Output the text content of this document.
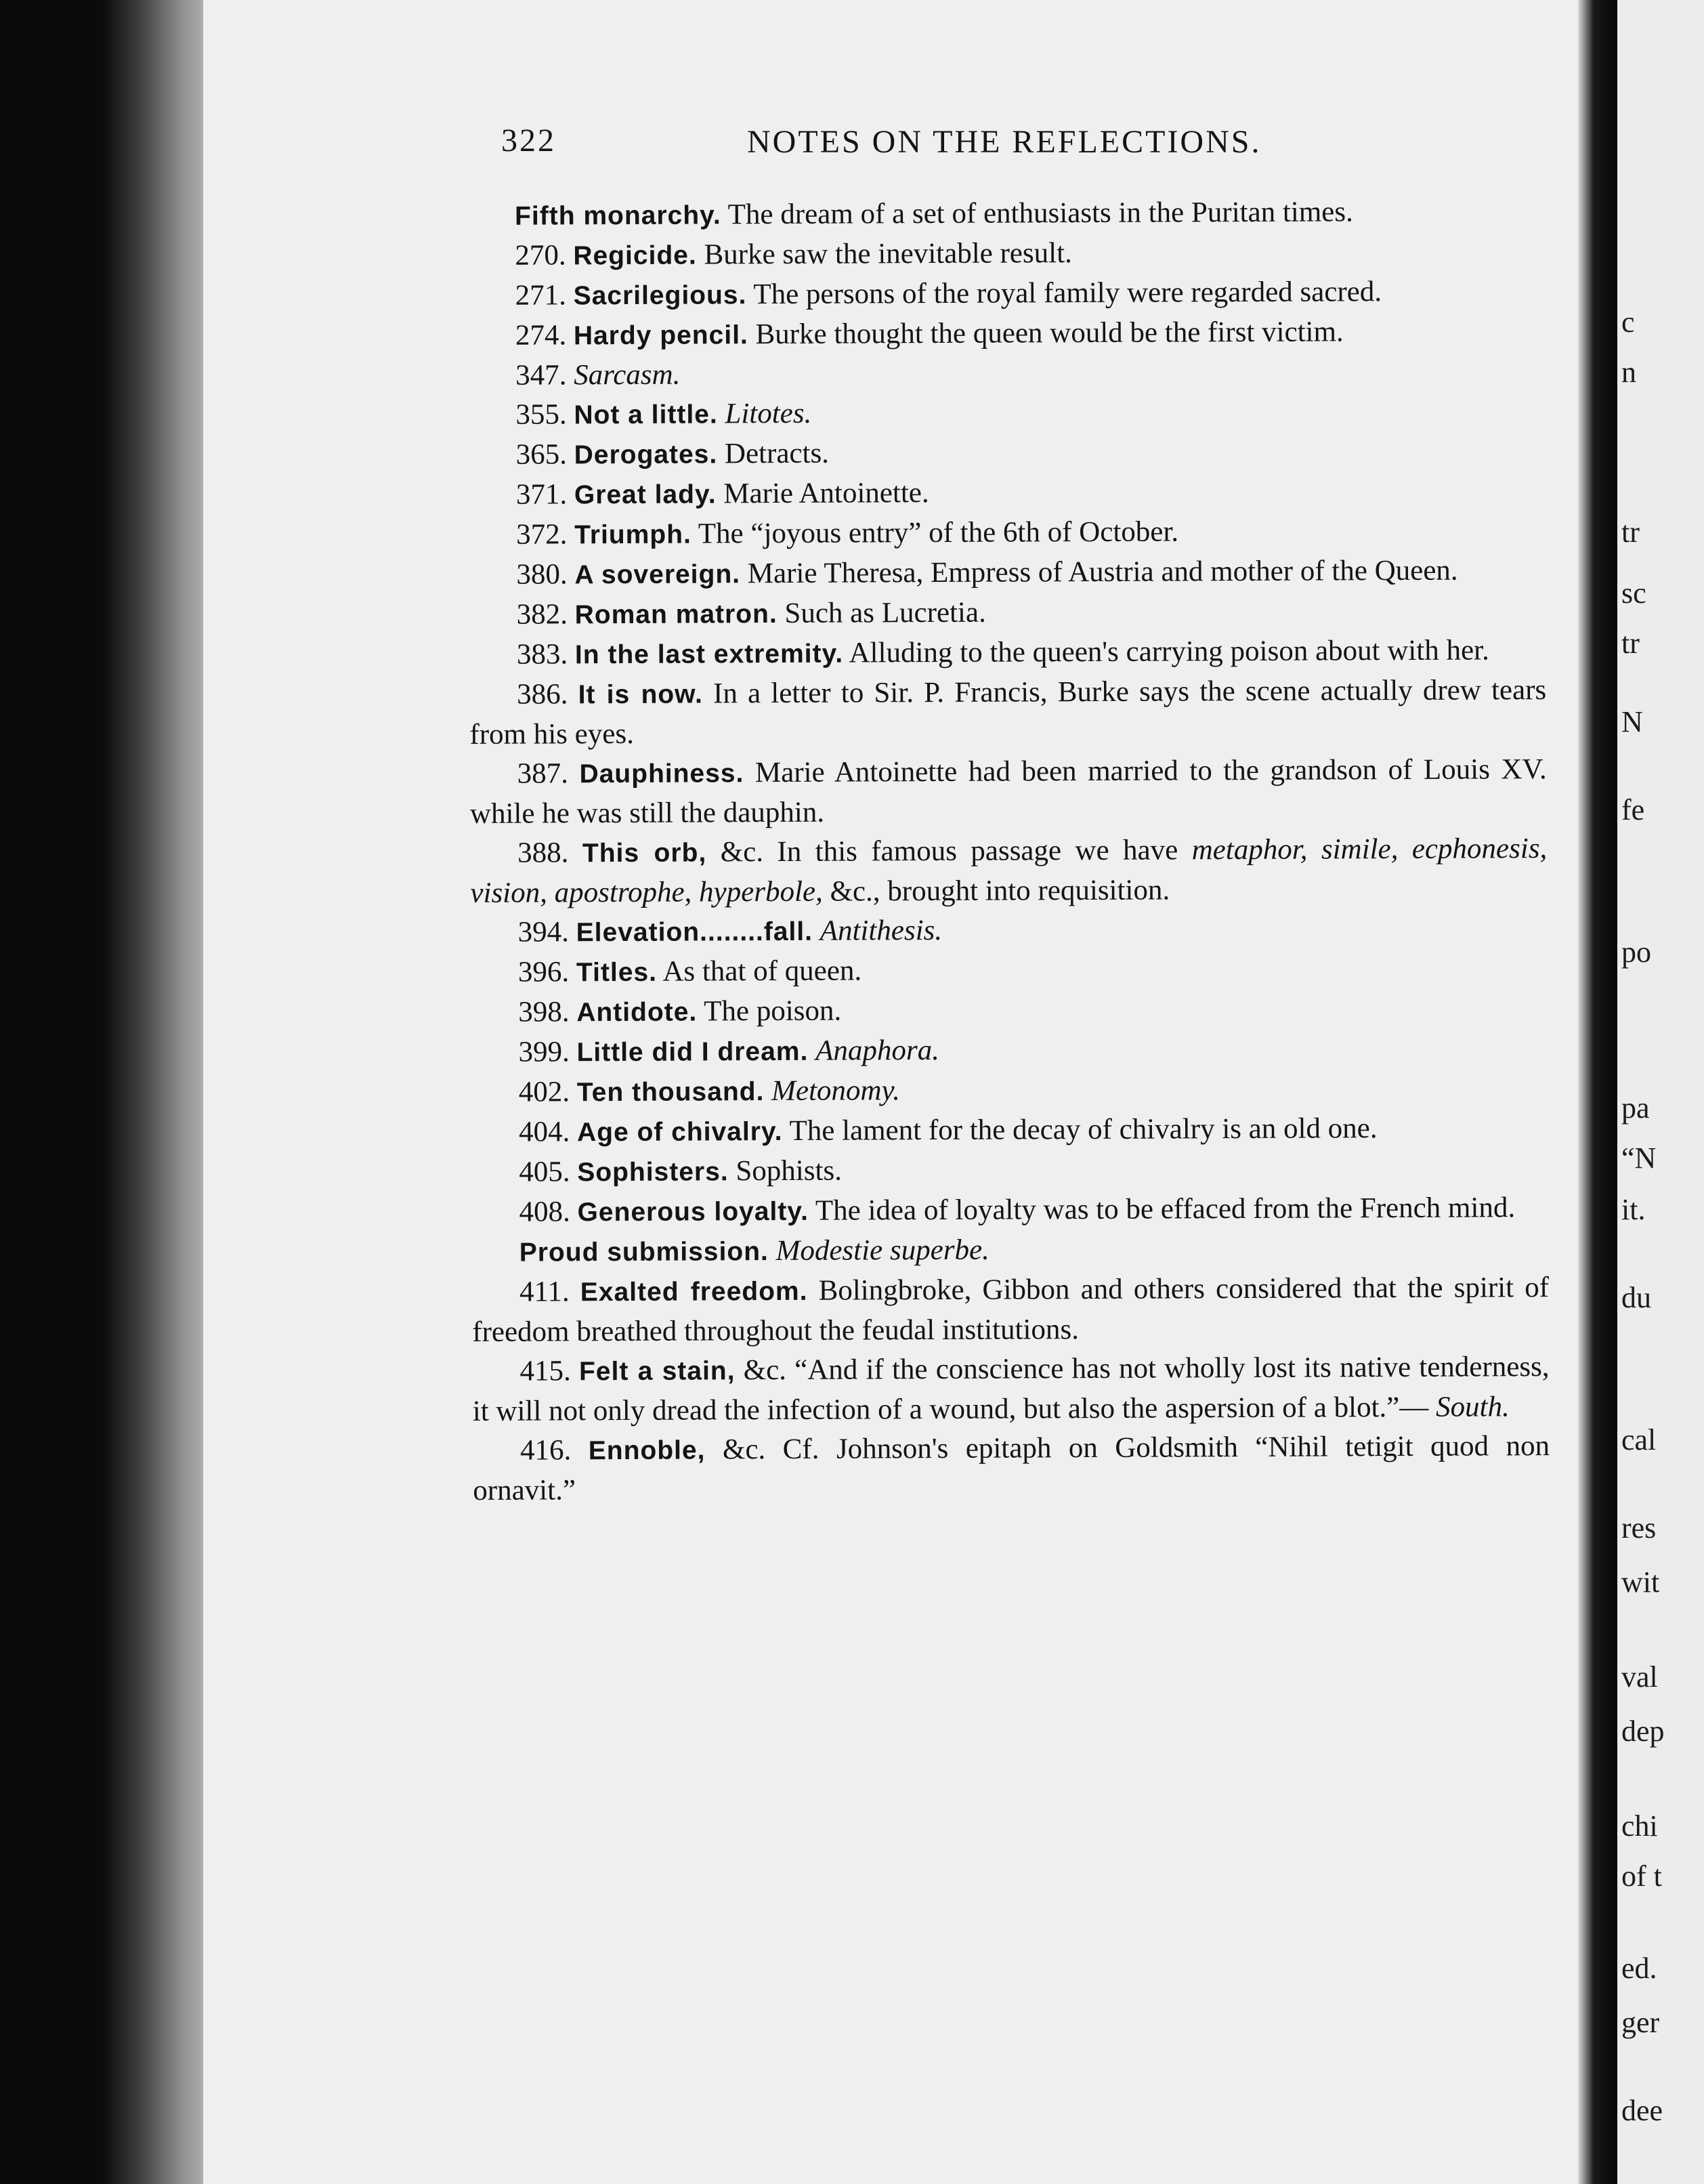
c
n
tr
sc
tr
N
fe
po
pa
“N
it.
du
cal
res
wit
val
dep
chi
of t
ed.
ger
dee
322	NOTES ON THE REFLECTIONS.

Fifth monarchy. The dream of a set of enthusiasts in the Puritan times.

270. Regicide. Burke saw the inevitable result.

271. Sacrilegious. The persons of the royal family were regarded sacred.

274. Hardy pencil. Burke thought the queen would be the first victim.

347. Sarcasm.

355. Not a little. Litotes.

365. Derogates. Detracts.

371. Great lady. Marie Antoinette.

372. Triumph. The “joyous entry” of the 6th of October.

380. A sovereign. Marie Theresa, Empress of Austria and mother of the Queen.

382. Roman matron. Such as Lucretia.

383. In the last extremity. Alluding to the queen's carrying poison about with her.

386. It is now. In a letter to Sir. P. Francis, Burke says the scene actually drew tears from his eyes.

387. Dauphiness. Marie Antoinette had been married to the grandson of Louis XV. while he was still the dauphin.

388. This orb, &c. In this famous passage we have metaphor, simile, ecphonesis, vision, apostrophe, hyperbole, &c., brought into requisition.

394. Elevation........fall. Antithesis.

396. Titles. As that of queen.

398. Antidote. The poison.

399. Little did I dream. Anaphora.

402. Ten thousand. Metonomy.

404. Age of chivalry. The lament for the decay of chivalry is an old one.

405. Sophisters. Sophists.

408. Generous loyalty. The idea of loyalty was to be effaced from the French mind.

Proud submission. Modestie superbe.

411. Exalted freedom. Bolingbroke, Gibbon and others considered that the spirit of freedom breathed throughout the feudal institutions.

415. Felt a stain, &c. “And if the conscience has not wholly lost its native tenderness, it will not only dread the infection of a wound, but also the aspersion of a blot.”— South.

416. Ennoble, &c. Cf. Johnson's epitaph on Goldsmith “Nihil tetigit quod non ornavit.”
